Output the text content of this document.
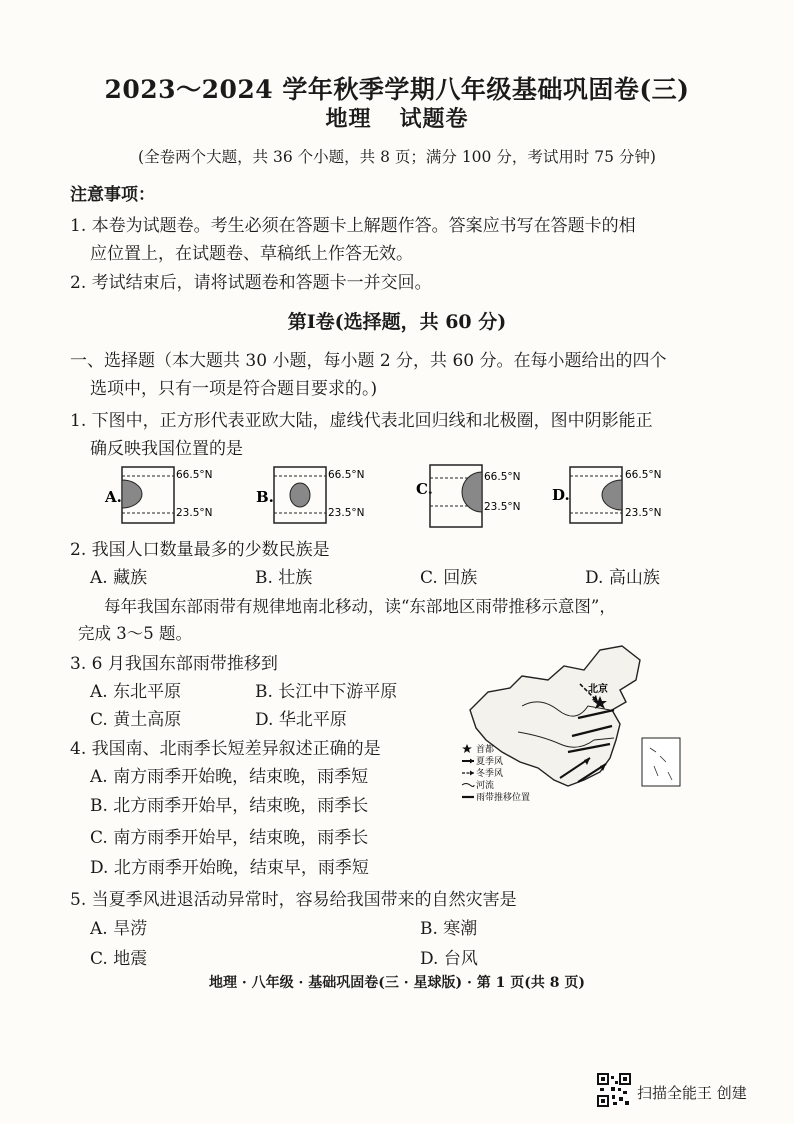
2023～2024 学年秋季学期八年级基础巩固卷(三)
地理 试题卷
(全卷两个大题，共 36 个小题，共 8 页；满分 100 分，考试用时 75 分钟)
注意事项：
1. 本卷为试题卷。考生必须在答题卡上解题作答。答案应书写在答题卡的相
应位置上，在试题卷、草稿纸上作答无效。
2. 考试结束后，请将试题卷和答题卡一并交回。
第Ⅰ卷(选择题，共 60 分)
一、选择题（本大题共 30 小题，每小题 2 分，共 60 分。在每小题给出的四个
选项中，只有一项是符合题目要求的。)
1. 下图中，正方形代表亚欧大陆，虚线代表北回归线和北极圈，图中阴影能正
确反映我国位置的是
A.
66.5°N
23.5°N
B.
66.5°N
23.5°N
C.
66.5°N
23.5°N
D.
66.5°N
23.5°N
2. 我国人口数量最多的少数民族是
A. 藏族	B. 壮族	C. 回族	D. 高山族
每年我国东部雨带有规律地南北移动，读“东部地区雨带推移示意图”，
完成 3～5 题。
3. 6 月我国东部雨带推移到
A. 东北平原	B. 长江中下游平原
C. 黄土高原	D. 华北平原
4. 我国南、北雨季长短差异叙述正确的是
A. 南方雨季开始晚，结束晚，雨季短
B. 北方雨季开始早，结束晚，雨季长
C. 南方雨季开始早，结束晚，雨季长
D. 北方雨季开始晚，结束早，雨季短
5. 当夏季风进退活动异常时，容易给我国带来的自然灾害是
A. 旱涝	B. 寒潮
C. 地震	D. 台风
北京
首都
夏季风
冬季风
河流
雨带推移位置
地理 · 八年级 · 基础巩固卷(三 · 星球版) · 第 1 页(共 8 页)
扫描全能王 创建
